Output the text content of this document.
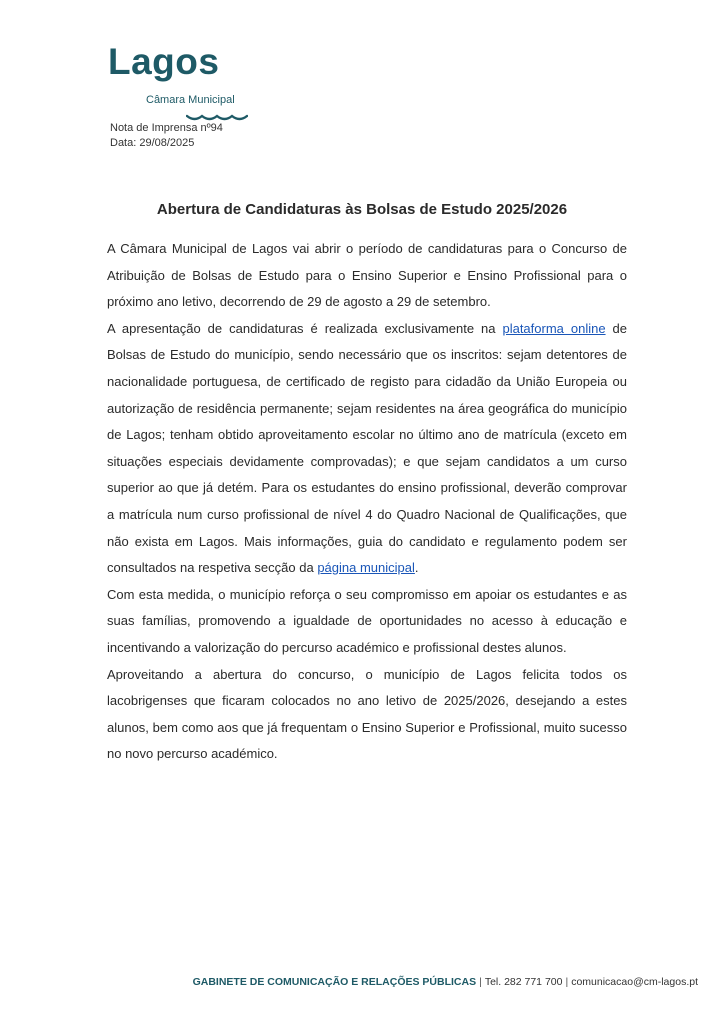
Lagos
Câmara Municipal
Nota de Imprensa nº94
Data: 29/08/2025
Abertura de Candidaturas às Bolsas de Estudo 2025/2026

A Câmara Municipal de Lagos vai abrir o período de candidaturas para o Concurso de Atribuição de Bolsas de Estudo para o Ensino Superior e Ensino Profissional para o próximo ano letivo, decorrendo de 29 de agosto a 29 de setembro.

A apresentação de candidaturas é realizada exclusivamente na plataforma online de Bolsas de Estudo do município, sendo necessário que os inscritos: sejam detentores de nacionalidade portuguesa, de certificado de registo para cidadão da União Europeia ou autorização de residência permanente; sejam residentes na área geográfica do município de Lagos; tenham obtido aproveitamento escolar no último ano de matrícula (exceto em situações especiais devidamente comprovadas); e que sejam candidatos a um curso superior ao que já detém. Para os estudantes do ensino profissional, deverão comprovar a matrícula num curso profissional de nível 4 do Quadro Nacional de Qualificações, que não exista em Lagos. Mais informações, guia do candidato e regulamento podem ser consultados na respetiva secção da página municipal.

Com esta medida, o município reforça o seu compromisso em apoiar os estudantes e as suas famílias, promovendo a igualdade de oportunidades no acesso à educação e incentivando a valorização do percurso académico e profissional destes alunos.

Aproveitando a abertura do concurso, o município de Lagos felicita todos os lacobrigenses que ficaram colocados no ano letivo de 2025/2026, desejando a estes alunos, bem como aos que já frequentam o Ensino Superior e Profissional, muito sucesso no novo percurso académico.

GABINETE DE COMUNICAÇÃO E RELAÇÕES PÚBLICAS | Tel. 282 771 700 | comunicacao@cm-lagos.pt
